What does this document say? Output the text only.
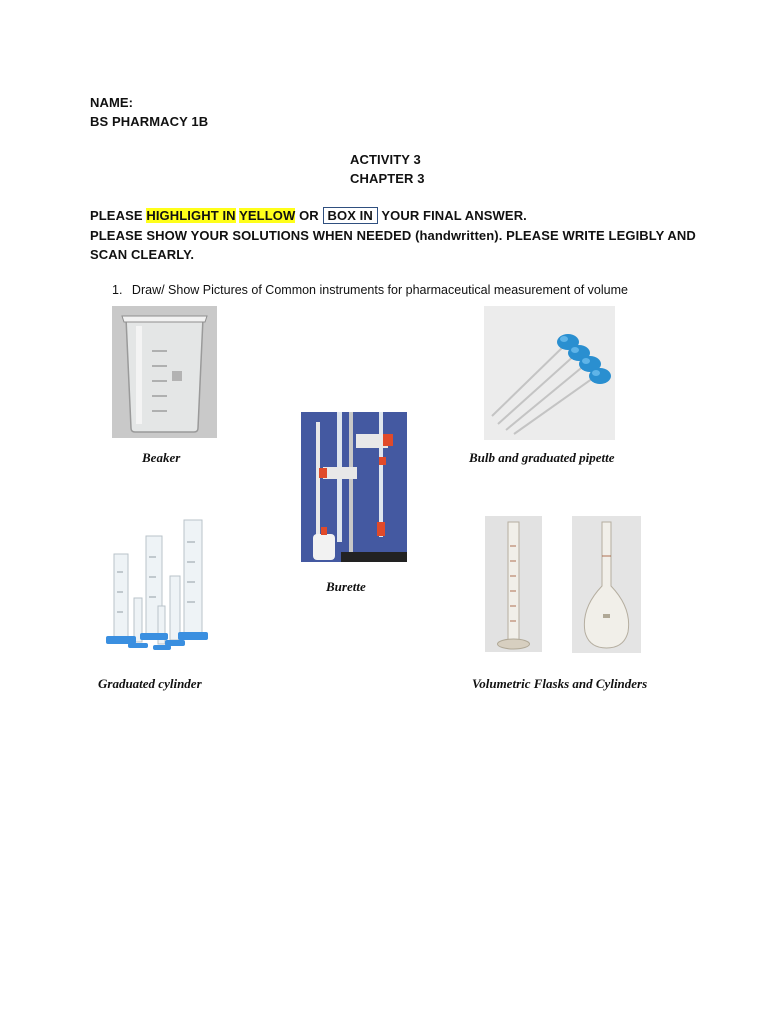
NAME:
BS PHARMACY 1B
ACTIVITY 3
CHAPTER 3
PLEASE HIGHLIGHT IN YELLOW OR BOX IN YOUR FINAL ANSWER.
PLEASE SHOW YOUR SOLUTIONS WHEN NEEDED (handwritten). PLEASE WRITE LEGIBLY AND
SCAN CLEARLY.
1. Draw/ Show Pictures of Common instruments for pharmaceutical measurement of volume
Beaker
Burette
Bulb and graduated pipette
Graduated cylinder	Volumetric Flasks and Cylinders
